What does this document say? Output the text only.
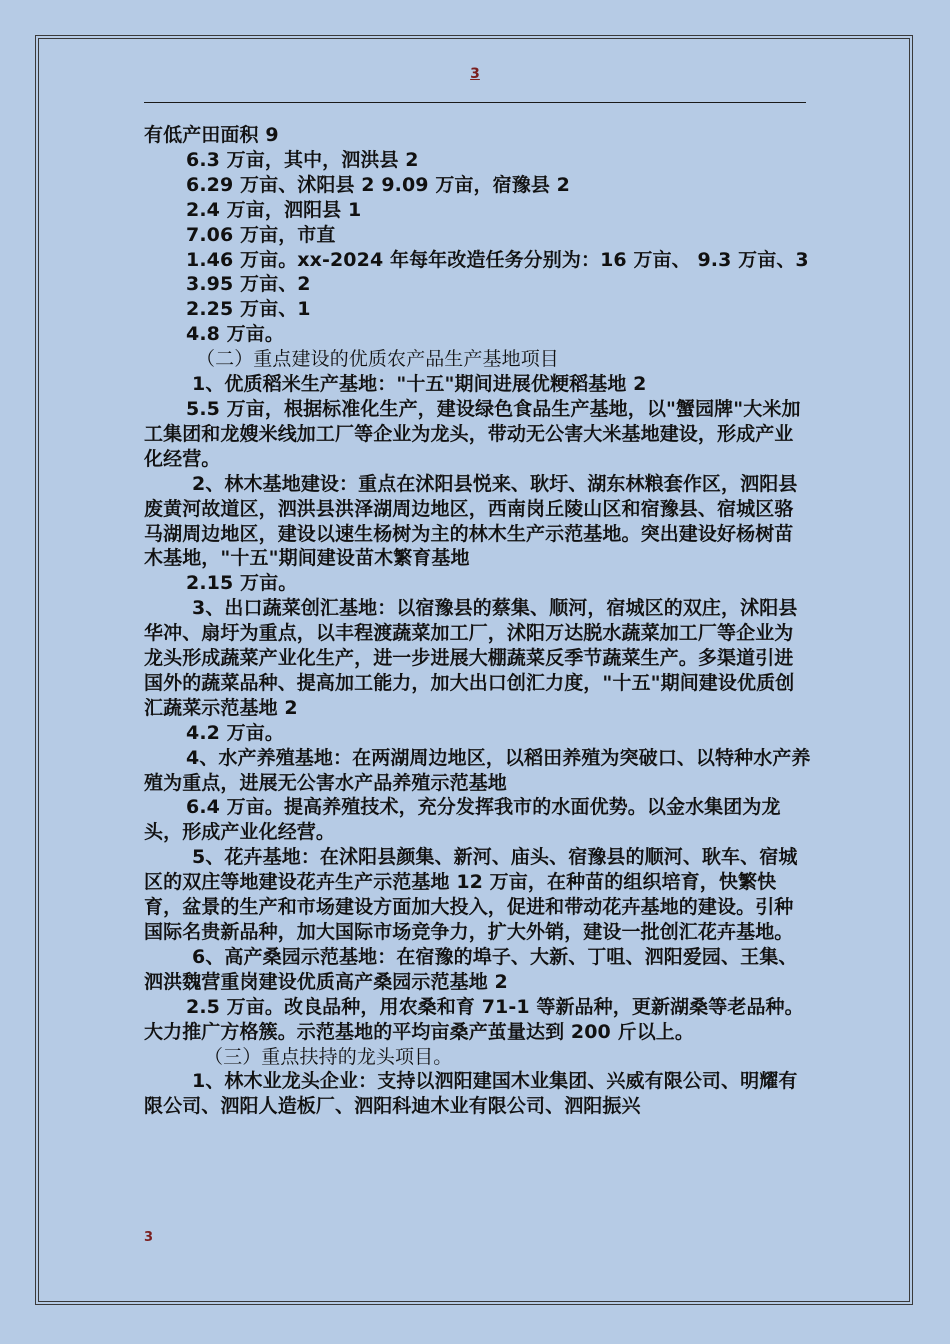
3

有低产田面积 9

6.3 万亩，其中，泗洪县 2

6.29 万亩、沭阳县 2 9.09 万亩，宿豫县 2

2.4 万亩，泗阳县 1

7.06 万亩，市直

1.46 万亩。xx-2024 年每年改造任务分别为：16 万亩、 9.3 万亩、3

3.95 万亩、2

2.25 万亩、1

4.8 万亩。

（二）重点建设的优质农产品生产基地项目

1、优质稻米生产基地："十五"期间进展优粳稻基地 2

5.5 万亩，根据标准化生产，建设绿色食品生产基地，以"蟹园牌"大米加工集团和龙嫂米线加工厂等企业为龙头，带动无公害大米基地建设，形成产业化经营。

2、林木基地建设：重点在沭阳县悦来、耿圩、湖东林粮套作区，泗阳县废黄河故道区，泗洪县洪泽湖周边地区，西南岗丘陵山区和宿豫县、宿城区骆马湖周边地区，建设以速生杨树为主的林木生产示范基地。突出建设好杨树苗木基地，"十五"期间建设苗木繁育基地

2.15 万亩。

3、出口蔬菜创汇基地：以宿豫县的蔡集、顺河，宿城区的双庄，沭阳县华冲、扇圩为重点，以丰程渡蔬菜加工厂，沭阳万达脱水蔬菜加工厂等企业为龙头形成蔬菜产业化生产，进一步进展大棚蔬菜反季节蔬菜生产。多渠道引进国外的蔬菜品种、提高加工能力，加大出口创汇力度，"十五"期间建设优质创汇蔬菜示范基地 2

4.2 万亩。

4、水产养殖基地：在两湖周边地区，以稻田养殖为突破口、以特种水产养殖为重点，进展无公害水产品养殖示范基地

6.4 万亩。提高养殖技术，充分发挥我市的水面优势。以金水集团为龙头，形成产业化经营。

5、花卉基地：在沭阳县颜集、新河、庙头、宿豫县的顺河、耿车、宿城区的双庄等地建设花卉生产示范基地 12 万亩，在种苗的组织培育，快繁快育，盆景的生产和市场建设方面加大投入，促进和带动花卉基地的建设。引种国际名贵新品种，加大国际市场竞争力，扩大外销，建设一批创汇花卉基地。

6、高产桑园示范基地：在宿豫的埠子、大新、丁咀、泗阳爱园、王集、泗洪魏营重岗建设优质高产桑园示范基地 2

2.5 万亩。改良品种，用农桑和育 71-1 等新品种，更新湖桑等老品种。大力推广方格簇。示范基地的平均亩桑产茧量达到 200 斤以上。

（三）重点扶持的龙头项目。

1、林木业龙头企业：支持以泗阳建国木业集团、兴威有限公司、明耀有限公司、泗阳人造板厂、泗阳科迪木业有限公司、泗阳振兴

3
